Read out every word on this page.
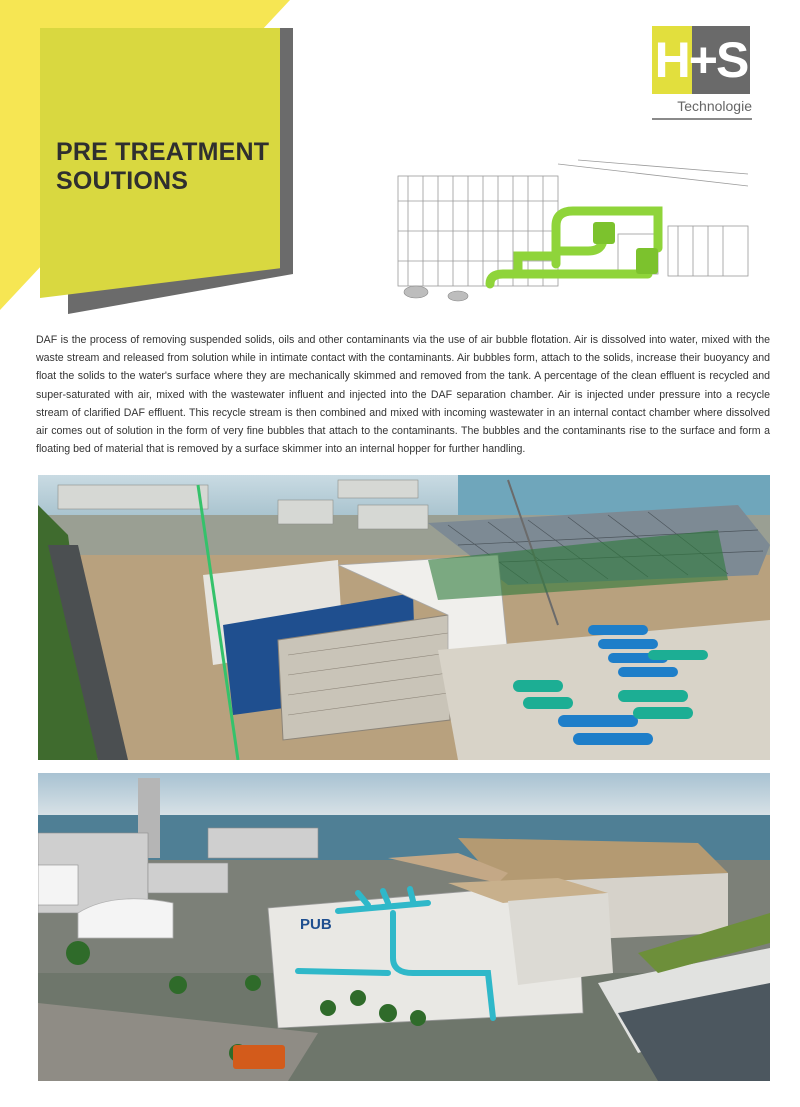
PRE TREATMENT
SOUTIONS
H+S
Technologie

DAF is the process of removing suspended solids, oils and other contaminants via the use of air bubble flotation. Air is dissolved into water, mixed with the waste stream and released from solution while in intimate contact with the contaminants. Air bubbles form, attach to the solids, increase their buoyancy and float the solids to the water's surface where they are mechanically skimmed and removed from the tank. A percentage of the clean effluent is recycled and super-saturated with air, mixed with the wastewater influent and injected into the DAF separation chamber. Air is injected under pressure into a recycle stream of clarified DAF effluent. This recycle stream is then combined and mixed with incoming wastewater in an internal contact chamber where dissolved air comes out of solution in the form of very fine bubbles that attach to the contaminants. The bubbles and the contaminants rise to the surface and form a floating bed of material that is removed by a surface skimmer into an internal hopper for further handling.

PUB
